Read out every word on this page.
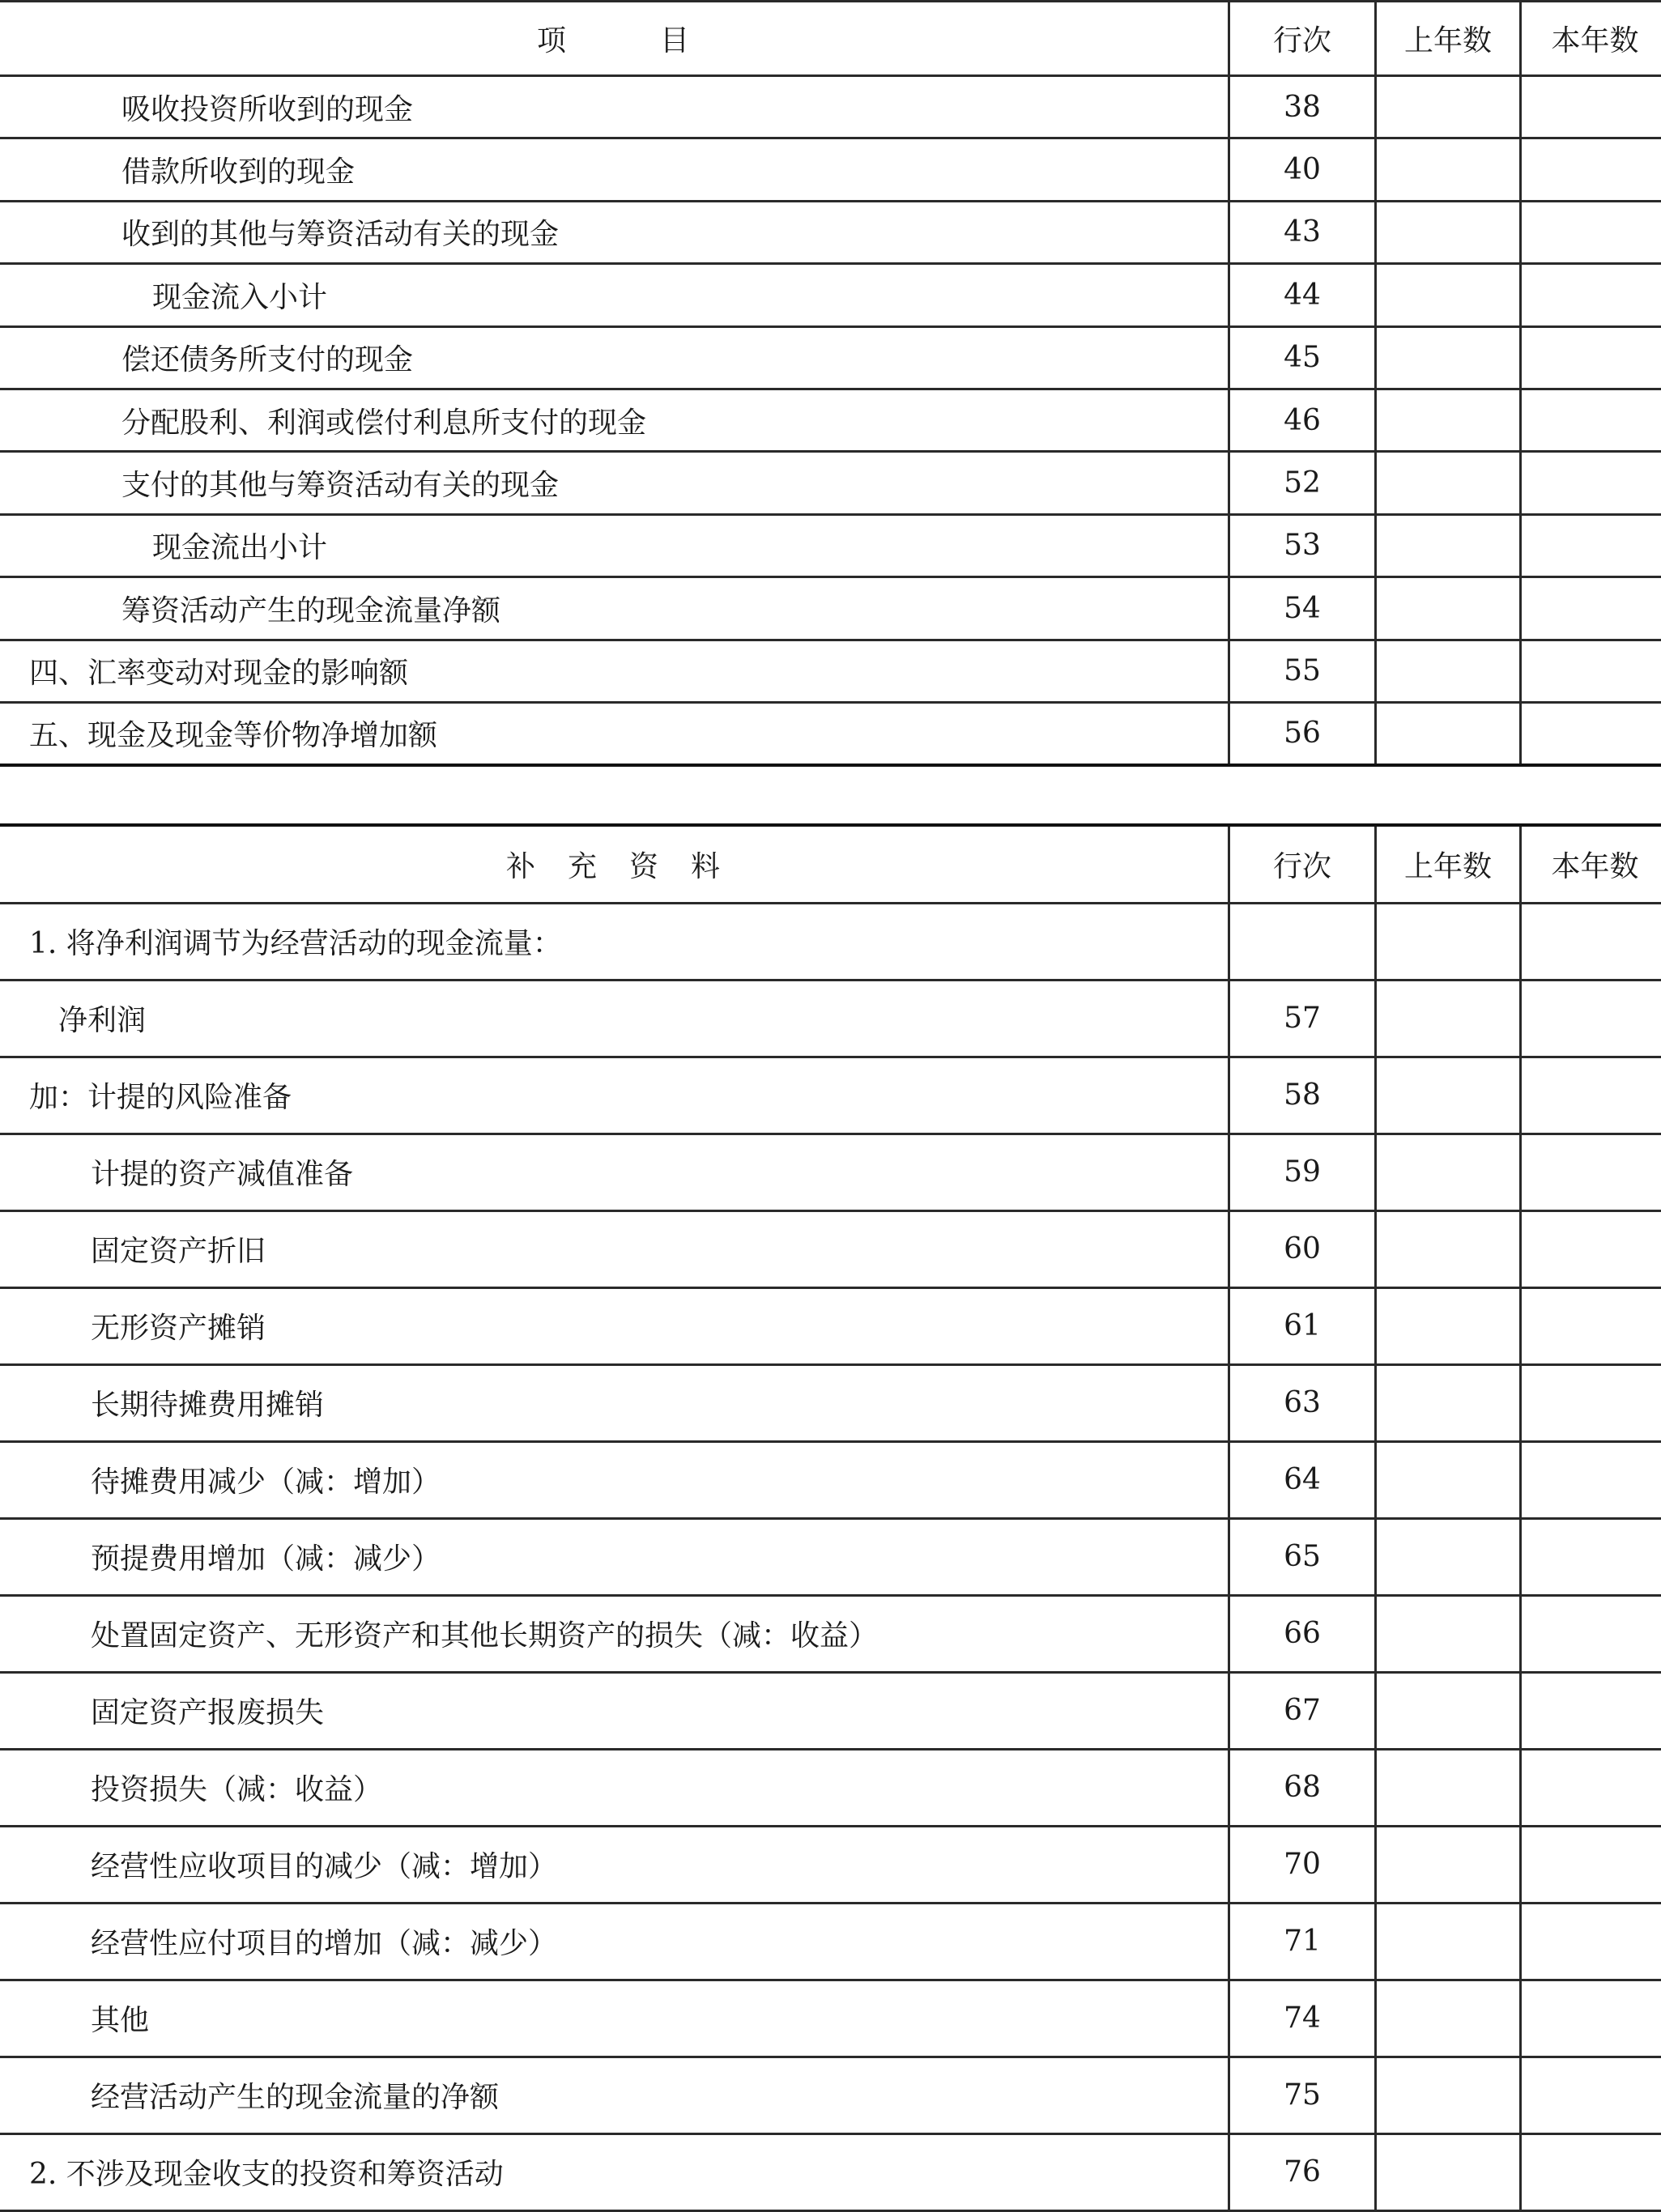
项　　　目	行次	上年数	本年数
吸收投资所收到的现金	38		
借款所收到的现金	40		
收到的其他与筹资活动有关的现金	43		
现金流入小计	44		
偿还债务所支付的现金	45		
分配股利、利润或偿付利息所支付的现金	46		
支付的其他与筹资活动有关的现金	52		
现金流出小计	53		
筹资活动产生的现金流量净额	54		
四、汇率变动对现金的影响额	55		
五、现金及现金等价物净增加额	56		
补　充　资　料	行次	上年数	本年数
1. 将净利润调节为经营活动的现金流量：			
净利润	57		
加：计提的风险准备	58		
计提的资产减值准备	59		
固定资产折旧	60		
无形资产摊销	61		
长期待摊费用摊销	63		
待摊费用减少（减：增加）	64		
预提费用增加（减：减少）	65		
处置固定资产、无形资产和其他长期资产的损失（减：收益）	66		
固定资产报废损失	67		
投资损失（减：收益）	68		
经营性应收项目的减少（减：增加）	70		
经营性应付项目的增加（减：减少）	71		
其他	74		
经营活动产生的现金流量的净额	75		
2. 不涉及现金收支的投资和筹资活动	76		
